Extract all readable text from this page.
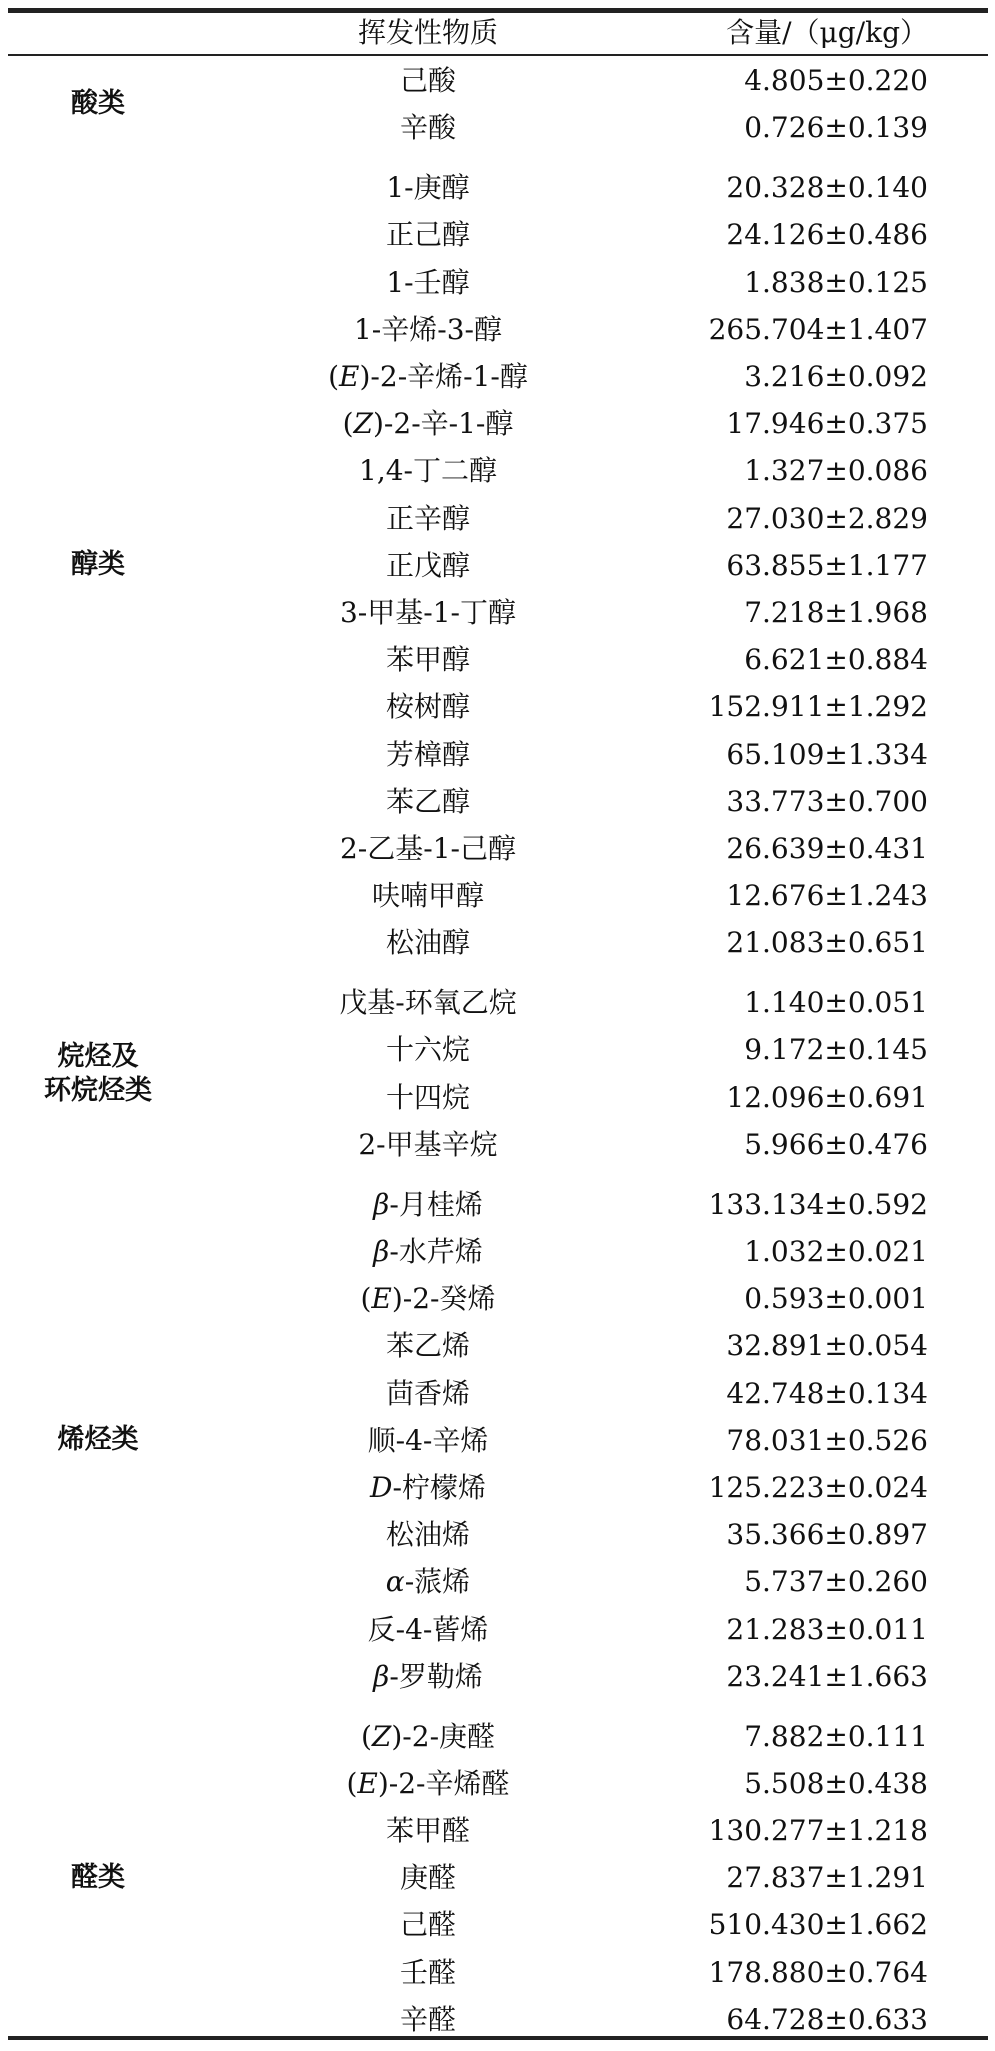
挥发性物质	含量/（μg/kg）
酸类
己酸	4.805±0.220
辛酸	0.726±0.139
醇类
1-庚醇	20.328±0.140
正己醇	24.126±0.486
1-壬醇	1.838±0.125
1-辛烯-3-醇	265.704±1.407
(E)-2-辛烯-1-醇	3.216±0.092
(Z)-2-辛-1-醇	17.946±0.375
1,4-丁二醇	1.327±0.086
正辛醇	27.030±2.829
正戊醇	63.855±1.177
3-甲基-1-丁醇	7.218±1.968
苯甲醇	6.621±0.884
桉树醇	152.911±1.292
芳樟醇	65.109±1.334
苯乙醇	33.773±0.700
2-乙基-1-己醇	26.639±0.431
呋喃甲醇	12.676±1.243
松油醇	21.083±0.651
烷烃及
环烷烃类
戊基-环氧乙烷	1.140±0.051
十六烷	9.172±0.145
十四烷	12.096±0.691
2-甲基辛烷	5.966±0.476
烯烃类
β-月桂烯	133.134±0.592
β-水芹烯	1.032±0.021
(E)-2-癸烯	0.593±0.001
苯乙烯	32.891±0.054
茴香烯	42.748±0.134
顺-4-辛烯	78.031±0.526
D-柠檬烯	125.223±0.024
松油烯	35.366±0.897
α-蒎烯	5.737±0.260
反-4-蒈烯	21.283±0.011
β-罗勒烯	23.241±1.663
醛类
(Z)-2-庚醛	7.882±0.111
(E)-2-辛烯醛	5.508±0.438
苯甲醛	130.277±1.218
庚醛	27.837±1.291
己醛	510.430±1.662
壬醛	178.880±0.764
辛醛	64.728±0.633
